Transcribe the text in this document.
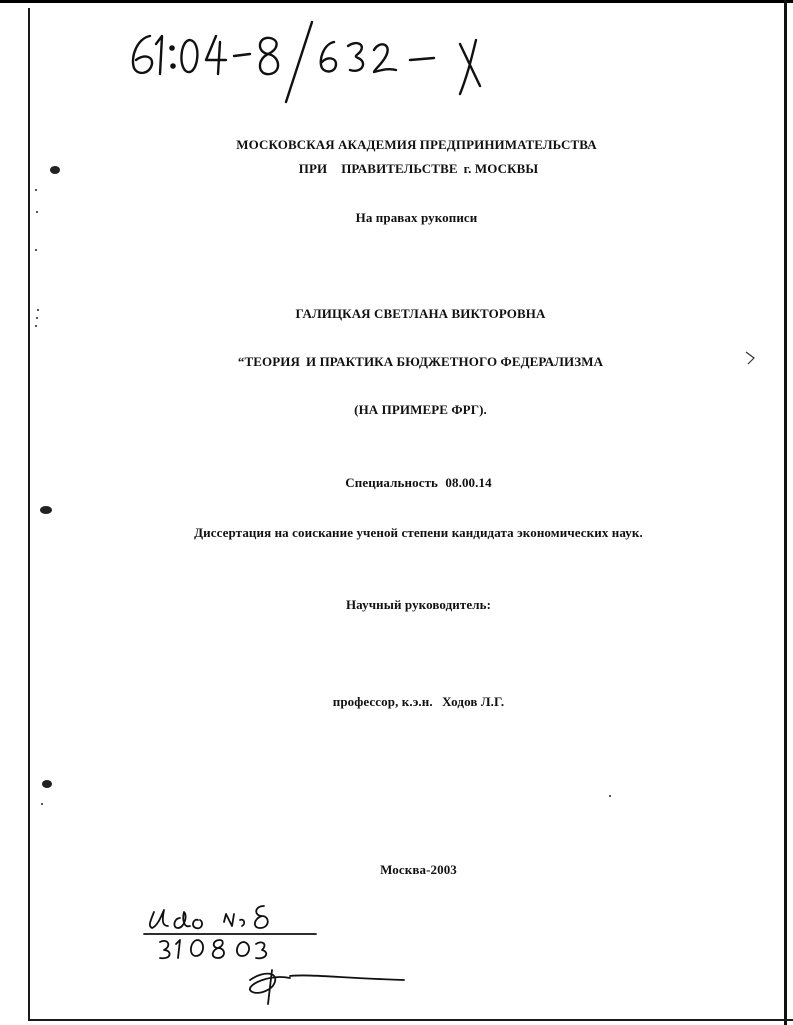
МОСКОВСКАЯ АКАДЕМИЯ ПРЕДПРИНИМАТЕЛЬСТВА
ПРИ ПРАВИТЕЛЬСТВЕ г. МОСКВЫ
На правах рукописи
ГАЛИЦКАЯ СВЕТЛАНА ВИКТОРОВНА
“ТЕОРИЯ И ПРАКТИКА БЮДЖЕТНОГО ФЕДЕРАЛИЗМА
(НА ПРИМЕРЕ ФРГ).
Специальность 08.00.14
Диссертация на соискание ученой степени кандидата экономических наук.
Научный руководитель:
профессор, к.э.н. Ходов Л.Г.
Москва-2003
